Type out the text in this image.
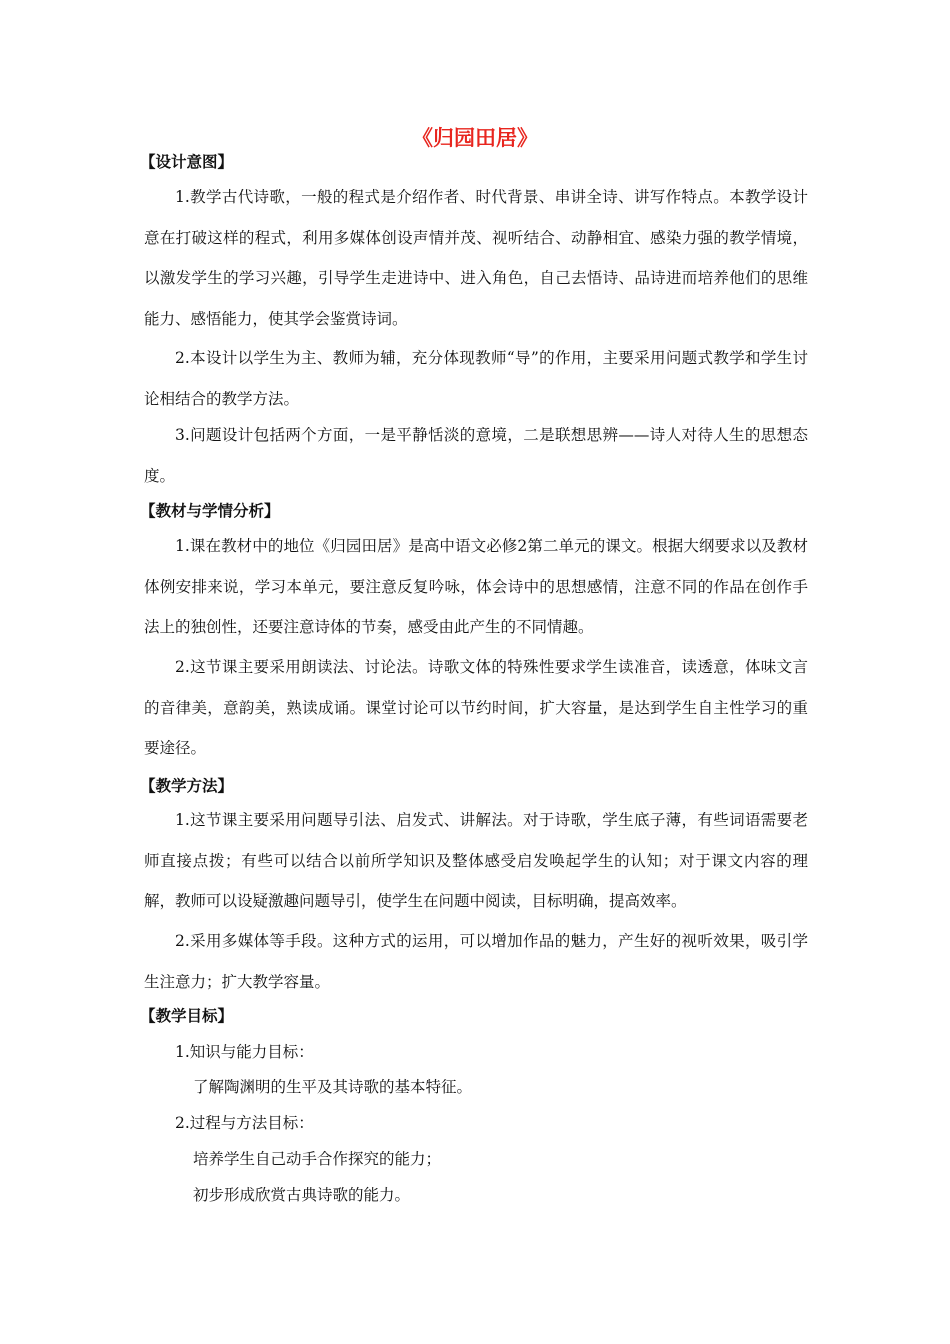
《归园田居》
【设计意图】

1.教学古代诗歌，一般的程式是介绍作者、时代背景、串讲全诗、讲写作特点。本教学设计意在打破这样的程式，利用多媒体创设声情并茂、视听结合、动静相宜、感染力强的教学情境，以激发学生的学习兴趣，引导学生走进诗中、进入角色，自己去悟诗、品诗进而培养他们的思维能力、感悟能力，使其学会鉴赏诗词。

2.本设计以学生为主、教师为辅，充分体现教师“导”的作用，主要采用问题式教学和学生讨论相结合的教学方法。

3.问题设计包括两个方面，一是平静恬淡的意境，二是联想思辨——诗人对待人生的思想态度。

【教材与学情分析】

1.课在教材中的地位《归园田居》是高中语文必修2第二单元的课文。根据大纲要求以及教材体例安排来说，学习本单元，要注意反复吟咏，体会诗中的思想感情，注意不同的作品在创作手法上的独创性，还要注意诗体的节奏，感受由此产生的不同情趣。

2.这节课主要采用朗读法、讨论法。诗歌文体的特殊性要求学生读准音，读透意，体味文言的音律美，意韵美，熟读成诵。课堂讨论可以节约时间，扩大容量，是达到学生自主性学习的重要途径。

【教学方法】

1.这节课主要采用问题导引法、启发式、讲解法。对于诗歌，学生底子薄，有些词语需要老师直接点拨；有些可以结合以前所学知识及整体感受启发唤起学生的认知；对于课文内容的理解，教师可以设疑激趣问题导引，使学生在问题中阅读，目标明确，提高效率。

2.采用多媒体等手段。这种方式的运用，可以增加作品的魅力，产生好的视听效果，吸引学生注意力；扩大教学容量。

【教学目标】
1.知识与能力目标：
了解陶渊明的生平及其诗歌的基本特征。
2.过程与方法目标：
培养学生自己动手合作探究的能力；
初步形成欣赏古典诗歌的能力。
